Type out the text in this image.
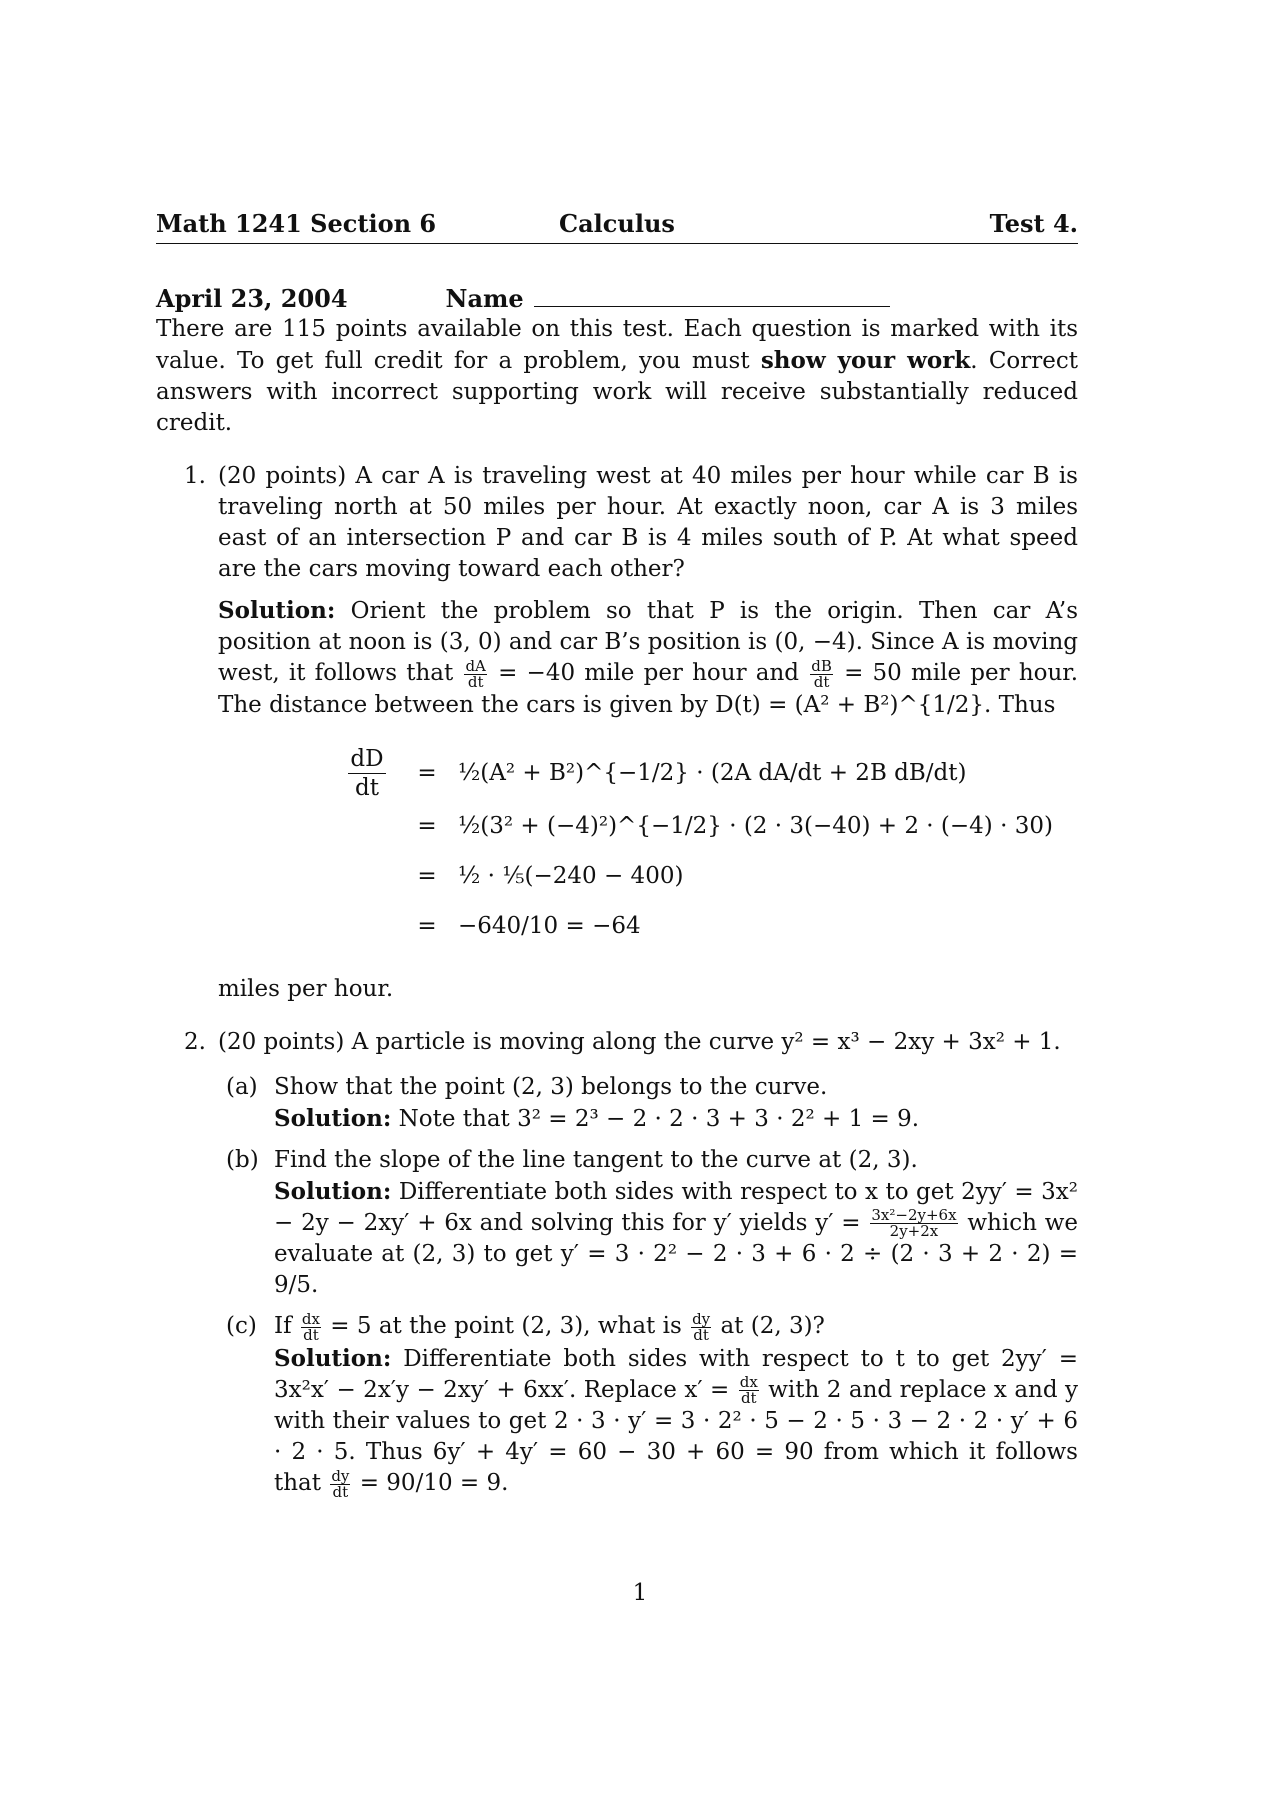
Math 1241 Section 6	Calculus	Test 4.
April 23, 2004	Name
There are 115 points available on this test. Each question is marked with its value. To get full credit for a problem, you must show your work. Correct answers with incorrect supporting work will receive substantially reduced credit.
1. (20 points) A car A is traveling west at 40 miles per hour while car B is traveling north at 50 miles per hour. At exactly noon, car A is 3 miles east of an intersection P and car B is 4 miles south of P. At what speed are the cars moving toward each other?
Solution: Orient the problem so that P is the origin. Then car A’s position at noon is (3, 0) and car B’s position is (0, −4). Since A is moving west, it follows that $\frac{dA}{dt} = -40$ mile per hour and $\frac{dB}{dt} = 50$ mile per hour. The distance between the cars is given by D(t) = (A² + B²)^{1/2}. Thus
$\frac{dD}{dt}$	= ½(A² + B²)^{−1/2} · (2A dA/dt + 2B dB/dt)
= ½(3² + (−4)²)^{−1/2} · (2 · 3(−40) + 2 · (−4) · 30)
= ½ · ⅕(−240 − 400)
= −640/10 = −64
miles per hour.
2. (20 points) A particle is moving along the curve y² = x³ − 2xy + 3x² + 1.
(a) Show that the point (2, 3) belongs to the curve.
Solution: Note that 3² = 2³ − 2 · 2 · 3 + 3 · 2² + 1 = 9.
(b) Find the slope of the line tangent to the curve at (2, 3).
Solution: Differentiate both sides with respect to x to get 2yy′ = 3x² − 2y − 2xy′ + 6x and solving this for y′ yields $y' = \frac{\text{3x²−2y+6x}}{2y+2x}$ which we evaluate at (2, 3) to get y′ = 3 · 2² − 2 · 3 + 6 · 2 ÷ (2 · 3 + 2 · 2) = 9/5.
(c) If $\frac{dx}{dt} = 5$ at the point (2, 3), what is $\frac{dy}{dt}$ at (2, 3)?
Solution: Differentiate both sides with respect to t to get 2yy′ = 3x²x′ − 2x′y − 2xy′ + 6xx′. Replace $x' = \frac{dx}{dt}$ with 2 and replace x and y with their values to get 2 · 3 · y′ = 3 · 2² · 5 − 2 · 5 · 3 − 2 · 2 · y′ + 6 · 2 · 5. Thus 6y′ + 4y′ = 60 − 30 + 60 = 90 from which it follows that $\frac{dy}{dt} = 90/10 = 9$.
1
